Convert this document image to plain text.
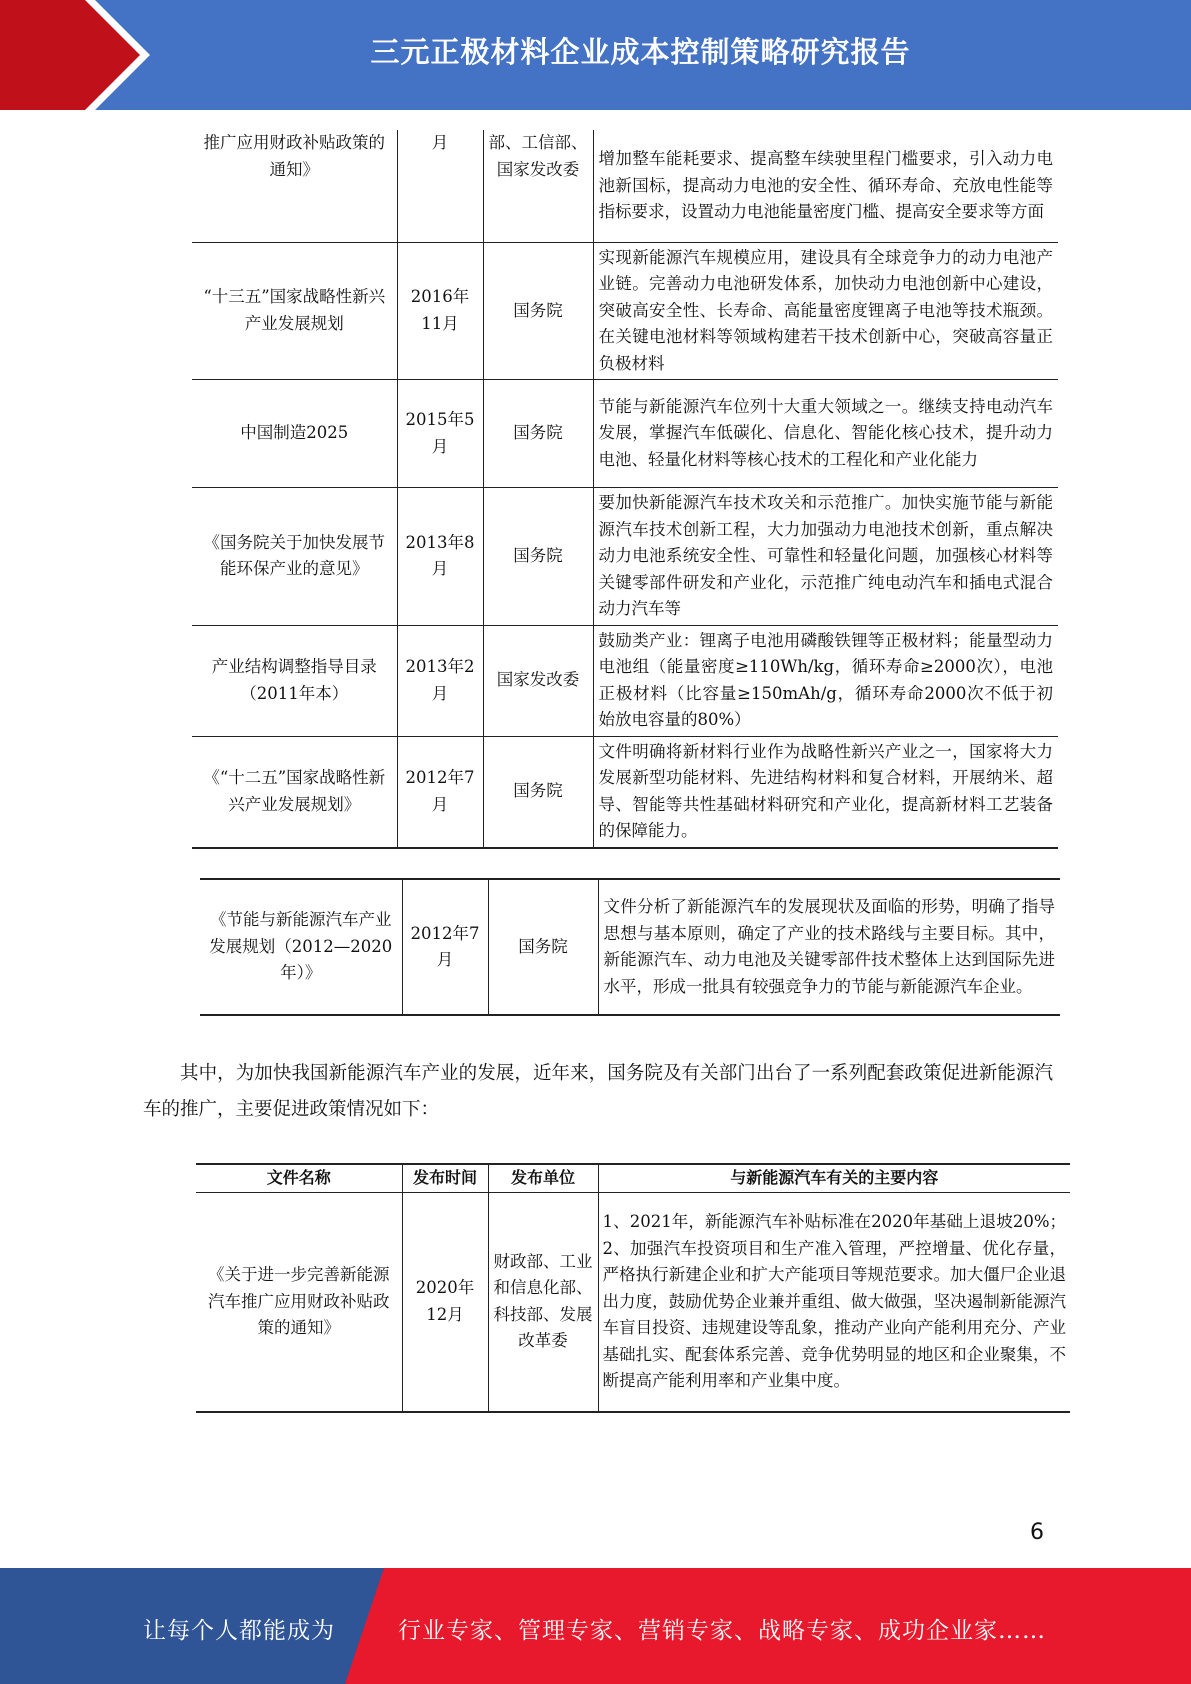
三元正极材料企业成本控制策略研究报告
推广应用财政补贴政策的通知》	月	部、工信部、国家发改委	增加整车能耗要求、提高整车续驶里程门槛要求，引入动力电池新国标，提高动力电池的安全性、循环寿命、充放电性能等指标要求，设置动力电池能量密度门槛、提高安全要求等方面
“十三五”国家战略性新兴产业发展规划	2016年11月	国务院	实现新能源汽车规模应用，建设具有全球竞争力的动力电池产业链。完善动力电池研发体系，加快动力电池创新中心建设，突破高安全性、长寿命、高能量密度锂离子电池等技术瓶颈。在关键电池材料等领域构建若干技术创新中心，突破高容量正负极材料
中国制造2025	2015年5月	国务院	节能与新能源汽车位列十大重大领域之一。继续支持电动汽车发展，掌握汽车低碳化、信息化、智能化核心技术，提升动力电池、轻量化材料等核心技术的工程化和产业化能力
《国务院关于加快发展节能环保产业的意见》	2013年8月	国务院	要加快新能源汽车技术攻关和示范推广。加快实施节能与新能源汽车技术创新工程，大力加强动力电池技术创新，重点解决动力电池系统安全性、可靠性和轻量化问题，加强核心材料等关键零部件研发和产业化，示范推广纯电动汽车和插电式混合动力汽车等
产业结构调整指导目录（2011年本）	2013年2月	国家发改委	鼓励类产业：锂离子电池用磷酸铁锂等正极材料；能量型动力电池组（能量密度≥110Wh/kg，循环寿命≥2000次），电池正极材料（比容量≥150mAh/g，循环寿命2000次不低于初始放电容量的80%）
《“十二五”国家战略性新兴产业发展规划》	2012年7月	国务院	文件明确将新材料行业作为战略性新兴产业之一，国家将大力发展新型功能材料、先进结构材料和复合材料，开展纳米、超导、智能等共性基础材料研究和产业化，提高新材料工艺装备的保障能力。
《节能与新能源汽车产业发展规划（2012—2020年）》	2012年7月	国务院	文件分析了新能源汽车的发展现状及面临的形势，明确了指导思想与基本原则，确定了产业的技术路线与主要目标。其中，新能源汽车、动力电池及关键零部件技术整体上达到国际先进水平，形成一批具有较强竞争力的节能与新能源汽车企业。
其中，为加快我国新能源汽车产业的发展，近年来，国务院及有关部门出台了一系列配套政策促进新能源汽车的推广，主要促进政策情况如下：
文件名称	发布时间	发布单位	与新能源汽车有关的主要内容
《关于进一步完善新能源汽车推广应用财政补贴政策的通知》	2020年12月	财政部、工业和信息化部、科技部、发展改革委	1、2021年，新能源汽车补贴标准在2020年基础上退坡20%；2、加强汽车投资项目和生产准入管理，严控增量、优化存量，严格执行新建企业和扩大产能项目等规范要求。加大僵尸企业退出力度，鼓励优势企业兼并重组、做大做强，坚决遏制新能源汽车盲目投资、违规建设等乱象，推动产业向产能利用充分、产业基础扎实、配套体系完善、竞争优势明显的地区和企业聚集，不断提高产能利用率和产业集中度。
6
让每个人都能成为	行业专家、管理专家、营销专家、战略专家、成功企业家……
